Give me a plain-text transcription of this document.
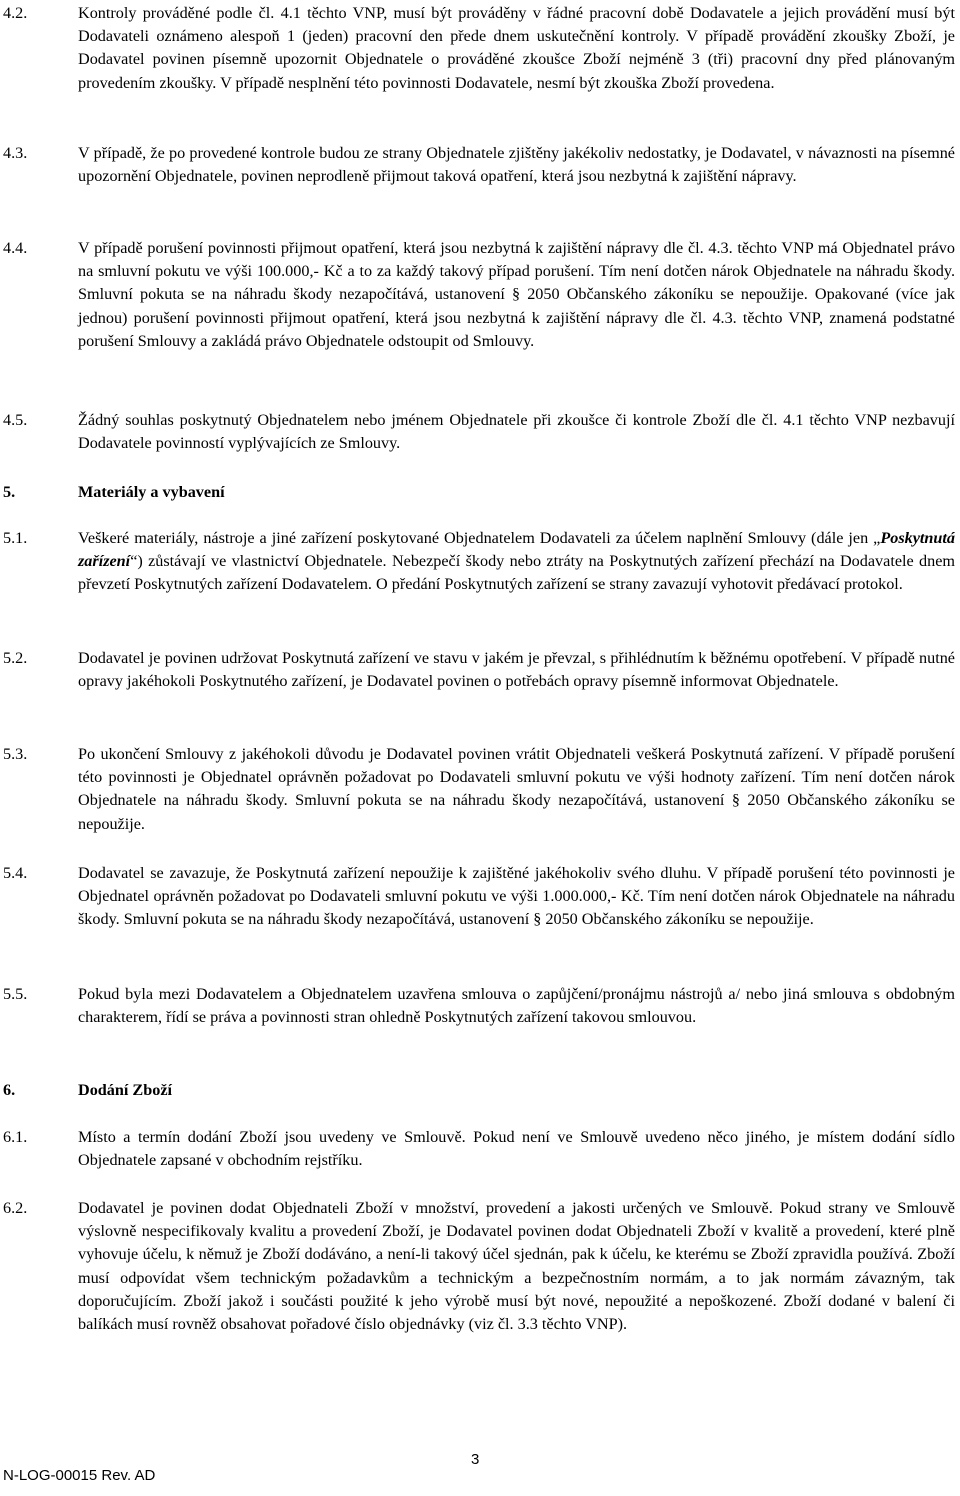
4.2.	Kontroly prováděné podle čl. 4.1 těchto VNP, musí být prováděny v řádné pracovní době Dodavatele a jejich provádění musí být Dodavateli oznámeno alespoň 1 (jeden) pracovní den přede dnem uskutečnění kontroly. V případě provádění zkoušky Zboží, je Dodavatel povinen písemně upozornit Objednatele o prováděné zkoušce Zboží nejméně 3 (tři) pracovní dny před plánovaným provedením zkoušky. V případě nesplnění této povinnosti Dodavatele, nesmí být zkouška Zboží provedena.
4.3.	V případě, že po provedené kontrole budou ze strany Objednatele zjištěny jakékoliv nedostatky, je Dodavatel, v návaznosti na písemné upozornění Objednatele, povinen neprodleně přijmout taková opatření, která jsou nezbytná k zajištění nápravy.
4.4.	V případě porušení povinnosti přijmout opatření, která jsou nezbytná k zajištění nápravy dle čl. 4.3. těchto VNP má Objednatel právo na smluvní pokutu ve výši 100.000,- Kč a to za každý takový případ porušení. Tím není dotčen nárok Objednatele na náhradu škody. Smluvní pokuta se na náhradu škody nezapočítává, ustanovení § 2050 Občanského zákoníku se nepoužije. Opakované (více jak jednou) porušení povinnosti přijmout opatření, která jsou nezbytná k zajištění nápravy dle čl. 4.3. těchto VNP, znamená podstatné porušení Smlouvy a zakládá právo Objednatele odstoupit od Smlouvy.
4.5.	Žádný souhlas poskytnutý Objednatelem nebo jménem Objednatele při zkoušce či kontrole Zboží dle čl. 4.1 těchto VNP nezbavují Dodavatele povinností vyplývajících ze Smlouvy.
5.	Materiály a vybavení
5.1.	Veškeré materiály, nástroje a jiné zařízení poskytované Objednatelem Dodavateli za účelem naplnění Smlouvy (dále jen „Poskytnutá zařízení“) zůstávají ve vlastnictví Objednatele. Nebezpečí škody nebo ztráty na Poskytnutých zařízení přechází na Dodavatele dnem převzetí Poskytnutých zařízení Dodavatelem. O předání Poskytnutých zařízení se strany zavazují vyhotovit předávací protokol.
5.2.	Dodavatel je povinen udržovat Poskytnutá zařízení ve stavu v jakém je převzal, s přihlédnutím k běžnému opotřebení. V případě nutné opravy jakéhokoli Poskytnutého zařízení, je Dodavatel povinen o potřebách opravy písemně informovat Objednatele.
5.3.	Po ukončení Smlouvy z jakéhokoli důvodu je Dodavatel povinen vrátit Objednateli veškerá Poskytnutá zařízení. V případě porušení této povinnosti je Objednatel oprávněn požadovat po Dodavateli smluvní pokutu ve výši hodnoty zařízení. Tím není dotčen nárok Objednatele na náhradu škody. Smluvní pokuta se na náhradu škody nezapočítává, ustanovení § 2050 Občanského zákoníku se nepoužije.
5.4.	Dodavatel se zavazuje, že Poskytnutá zařízení nepoužije k zajištěné jakéhokoliv svého dluhu. V případě porušení této povinnosti je Objednatel oprávněn požadovat po Dodavateli smluvní pokutu ve výši 1.000.000,- Kč. Tím není dotčen nárok Objednatele na náhradu škody. Smluvní pokuta se na náhradu škody nezapočítává, ustanovení § 2050 Občanského zákoníku se nepoužije.
5.5.	Pokud byla mezi Dodavatelem a Objednatelem uzavřena smlouva o zapůjčení/pronájmu nástrojů a/ nebo jiná smlouva s obdobným charakterem, řídí se práva a povinnosti stran ohledně Poskytnutých zařízení takovou smlouvou.
6.	Dodání Zboží
6.1.	Místo a termín dodání Zboží jsou uvedeny ve Smlouvě. Pokud není ve Smlouvě uvedeno něco jiného, je místem dodání sídlo Objednatele zapsané v obchodním rejstříku.
6.2.	Dodavatel je povinen dodat Objednateli Zboží v množství, provedení a jakosti určených ve Smlouvě. Pokud strany ve Smlouvě výslovně nespecifikovaly kvalitu a provedení Zboží, je Dodavatel povinen dodat Objednateli Zboží v kvalitě a provedení, které plně vyhovuje účelu, k němuž je Zboží dodáváno, a není-li takový účel sjednán, pak k účelu, ke kterému se Zboží zpravidla používá. Zboží musí odpovídat všem technickým požadavkům a technickým a bezpečnostním normám, a to jak normám závazným, tak doporučujícím. Zboží jakož i součásti použité k jeho výrobě musí být nové, nepoužité a nepoškozené. Zboží dodané v balení či balíkách musí rovněž obsahovat pořadové číslo objednávky (viz čl. 3.3 těchto VNP).
3
N-LOG-00015 Rev. AD
